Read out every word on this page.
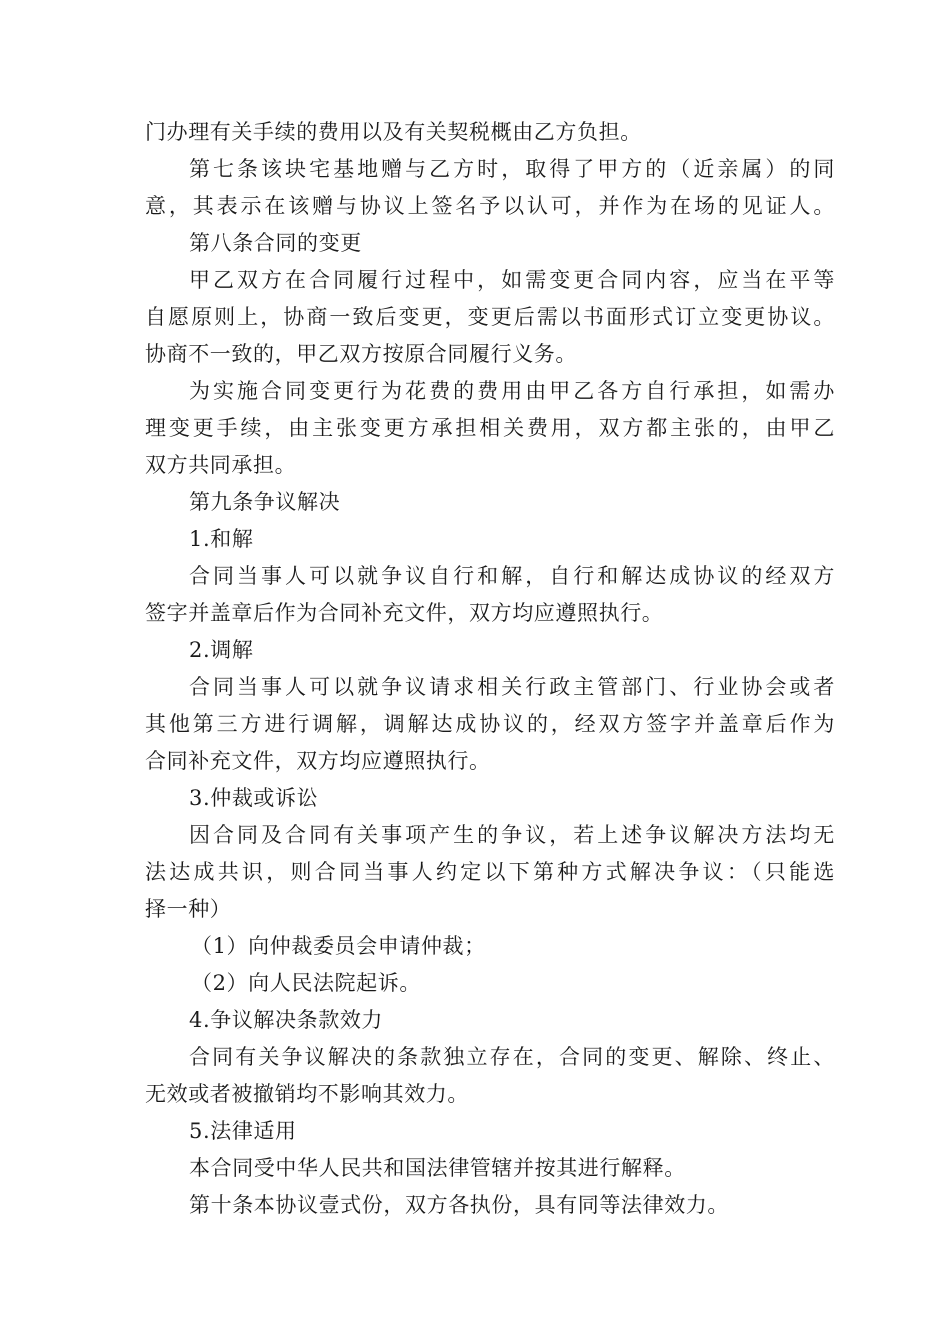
门办理有关手续的费用以及有关契税概由乙方负担。
第七条该块宅基地赠与乙方时，取得了甲方的（近亲属）的同
意，其表示在该赠与协议上签名予以认可，并作为在场的见证人。
第八条合同的变更
甲乙双方在合同履行过程中，如需变更合同内容，应当在平等
自愿原则上，协商一致后变更，变更后需以书面形式订立变更协议。
协商不一致的，甲乙双方按原合同履行义务。
为实施合同变更行为花费的费用由甲乙各方自行承担，如需办
理变更手续，由主张变更方承担相关费用，双方都主张的，由甲乙
双方共同承担。
第九条争议解决
1.和解
合同当事人可以就争议自行和解，自行和解达成协议的经双方
签字并盖章后作为合同补充文件，双方均应遵照执行。
2.调解
合同当事人可以就争议请求相关行政主管部门、行业协会或者
其他第三方进行调解，调解达成协议的，经双方签字并盖章后作为
合同补充文件，双方均应遵照执行。
3.仲裁或诉讼
因合同及合同有关事项产生的争议，若上述争议解决方法均无
法达成共识，则合同当事人约定以下第种方式解决争议：（只能选
择一种）
（1）向仲裁委员会申请仲裁；
（2）向人民法院起诉。
4.争议解决条款效力
合同有关争议解决的条款独立存在，合同的变更、解除、终止、
无效或者被撤销均不影响其效力。
5.法律适用
本合同受中华人民共和国法律管辖并按其进行解释。
第十条本协议壹式份，双方各执份，具有同等法律效力。
